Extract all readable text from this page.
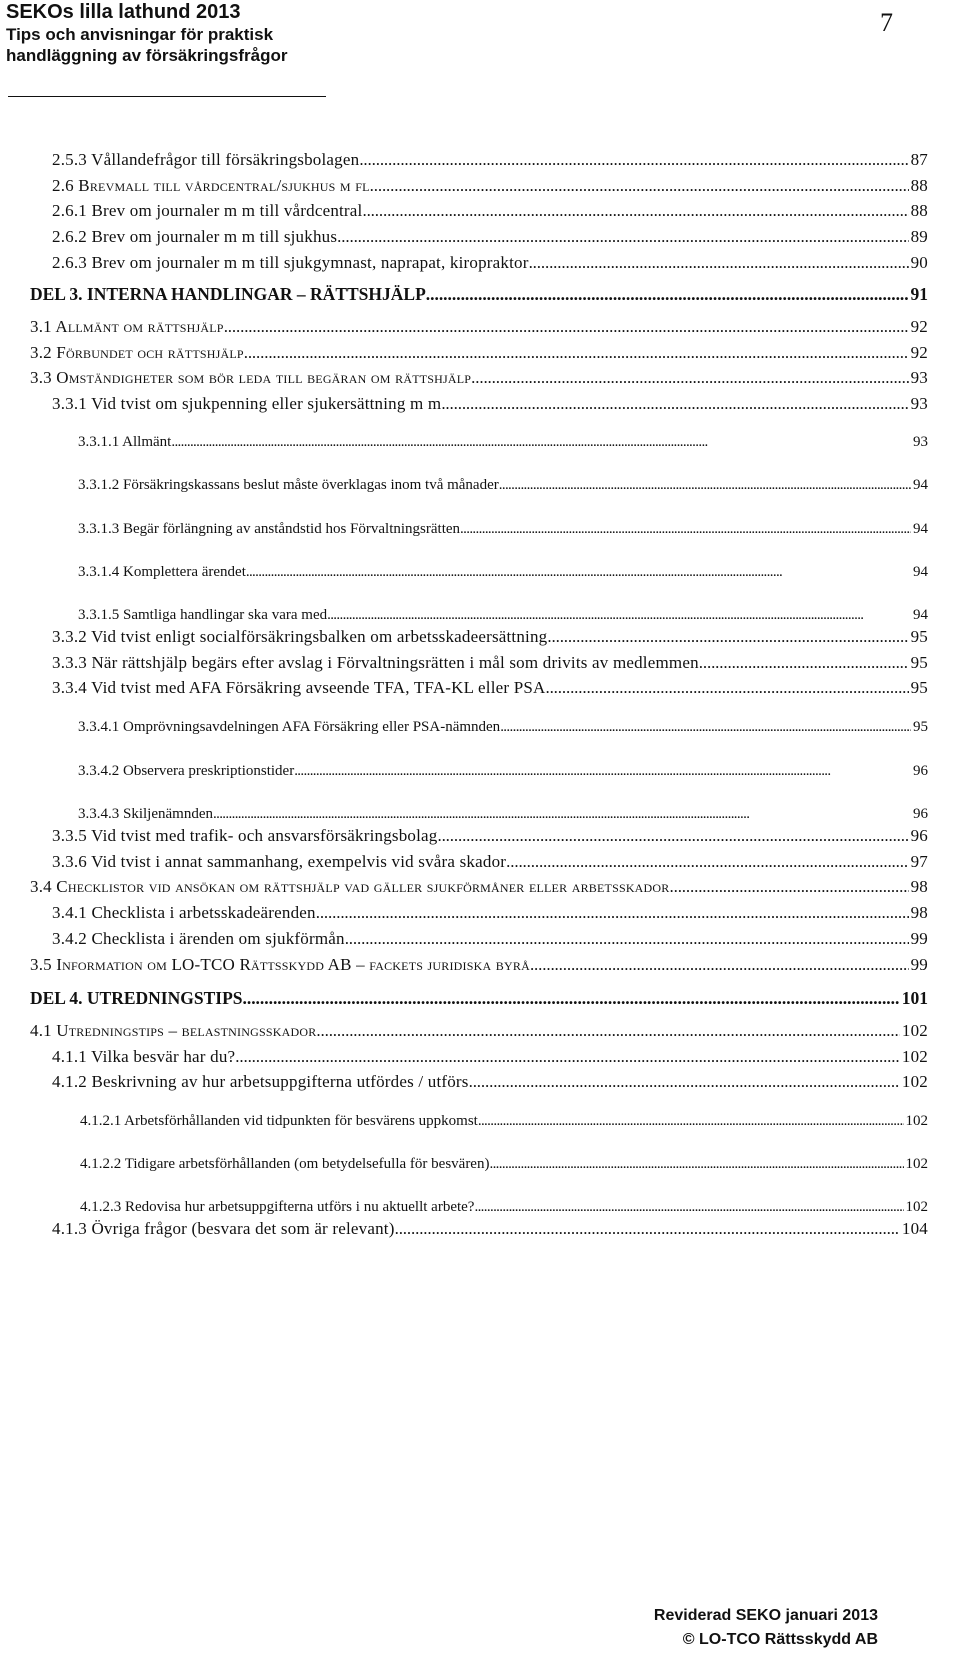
SEKOs lilla lathund 2013
Tips och anvisningar för praktisk
handläggning av försäkringsfrågor
7
2.5.3 Vållandefrågor till försäkringsbolagen . . .	87
2.6 Brevmall till vårdcentral/sjukhus m fl . . .	88
2.6.1 Brev om journaler m m till vårdcentral . . .	88
2.6.2 Brev om journaler m m till sjukhus . . .	89
2.6.3 Brev om journaler m m till sjukgymnast, naprapat, kiropraktor . . .	90
DEL 3. INTERNA HANDLINGAR – RÄTTSHJÄLP . . .	91
3.1 Allmänt om rättshjälp . . .	92
3.2 Förbundet och rättshjälp . . .	92
3.3 Omständigheter som bör leda till begäran om rättshjälp . . .	93
3.3.1 Vid tvist om sjukpenning eller sjukersättning m m . . .	93
3.3.1.1 Allmänt . . .	93
3.3.1.2 Försäkringskassans beslut måste överklagas inom två månader . . .	94
3.3.1.3 Begär förlängning av anståndstid hos Förvaltningsrätten . . .	94
3.3.1.4 Komplettera ärendet . . .	94
3.3.1.5 Samtliga handlingar ska vara med . . .	94
3.3.2 Vid tvist enligt socialförsäkringsbalken om arbetsskadeersättning . . .	95
3.3.3 När rättshjälp begärs efter avslag i Förvaltningsrätten i mål som drivits av medlemmen . . .	95
3.3.4 Vid tvist med AFA Försäkring avseende TFA, TFA-KL eller PSA . . .	95
3.3.4.1 Omprövningsavdelningen AFA Försäkring eller PSA-nämnden . . .	95
3.3.4.2 Observera preskriptionstider . . .	96
3.3.4.3 Skiljenämnden . . .	96
3.3.5 Vid tvist med trafik- och ansvarsförsäkringsbolag . . .	96
3.3.6 Vid tvist i annat sammanhang, exempelvis vid svåra skador . . .	97
3.4 Checklistor vid ansökan om rättshjälp vad gäller sjukförmåner eller arbetsskador . . .	98
3.4.1 Checklista i arbetsskadeärenden . . .	98
3.4.2 Checklista i ärenden om sjukförmån . . .	99
3.5 Information om LO-TCO Rättsskydd AB – fackets juridiska byrå . . .	99
DEL 4. UTREDNINGSTIPS . . .	101
4.1 Utredningstips – belastningsskador . . .	102
4.1.1 Vilka besvär har du? . . .	102
4.1.2 Beskrivning av hur arbetsuppgifterna utfördes / utförs . . .	102
4.1.2.1 Arbetsförhållanden vid tidpunkten för besvärens uppkomst . . .	102
4.1.2.2 Tidigare arbetsförhållanden (om betydelsefulla för besvären) . . .	102
4.1.2.3 Redovisa hur arbetsuppgifterna utförs i nu aktuellt arbete? . . .	102
4.1.3 Övriga frågor (besvara det som är relevant) . . .	104
Reviderad SEKO januari 2013
© LO-TCO Rättsskydd AB
